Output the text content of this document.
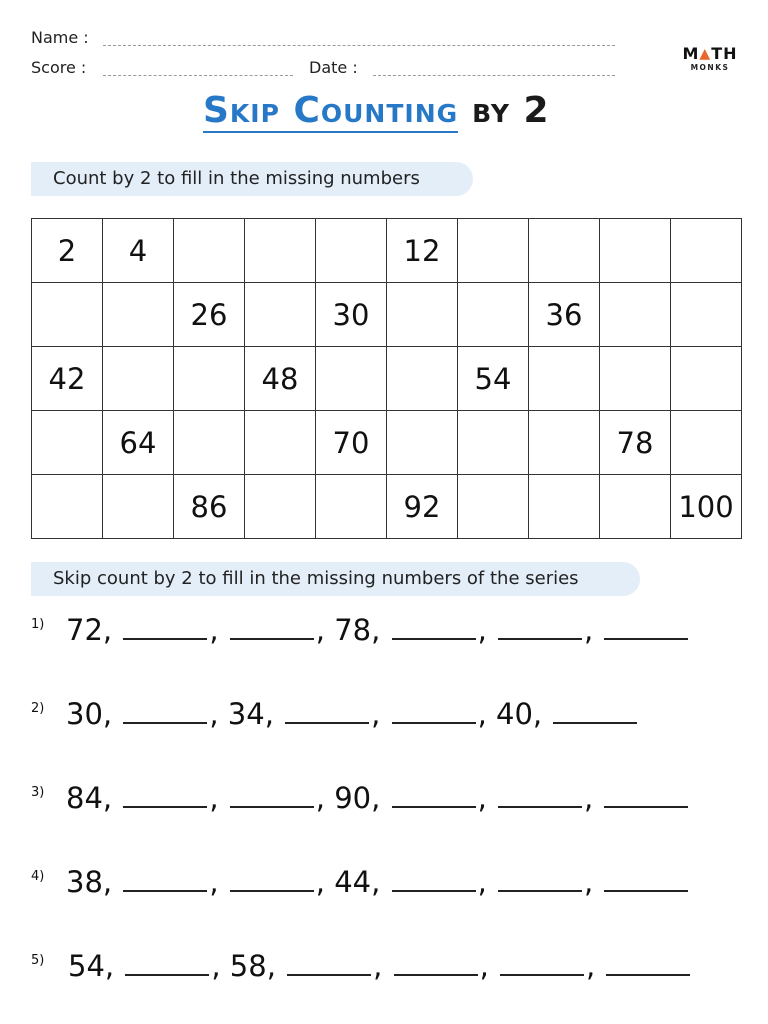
Name :
Score :	Date :
M▲TH
MONKS
Skip Counting by 2
Count by 2 to fill in the missing numbers
2	4				12				
		26		30			36		
42			48			54			
	64			70				78	
		86			92				100
Skip count by 2 to fill in the missing numbers of the series
1) 72 ,	,	, 78 ,	,	,
2) 30 ,	, 34 ,	,	, 40 ,
3) 84 ,	,	, 90 ,	,	,
4) 38 ,	,	, 44 ,	,	,
5) 54 ,	, 58 ,	,	,	,
